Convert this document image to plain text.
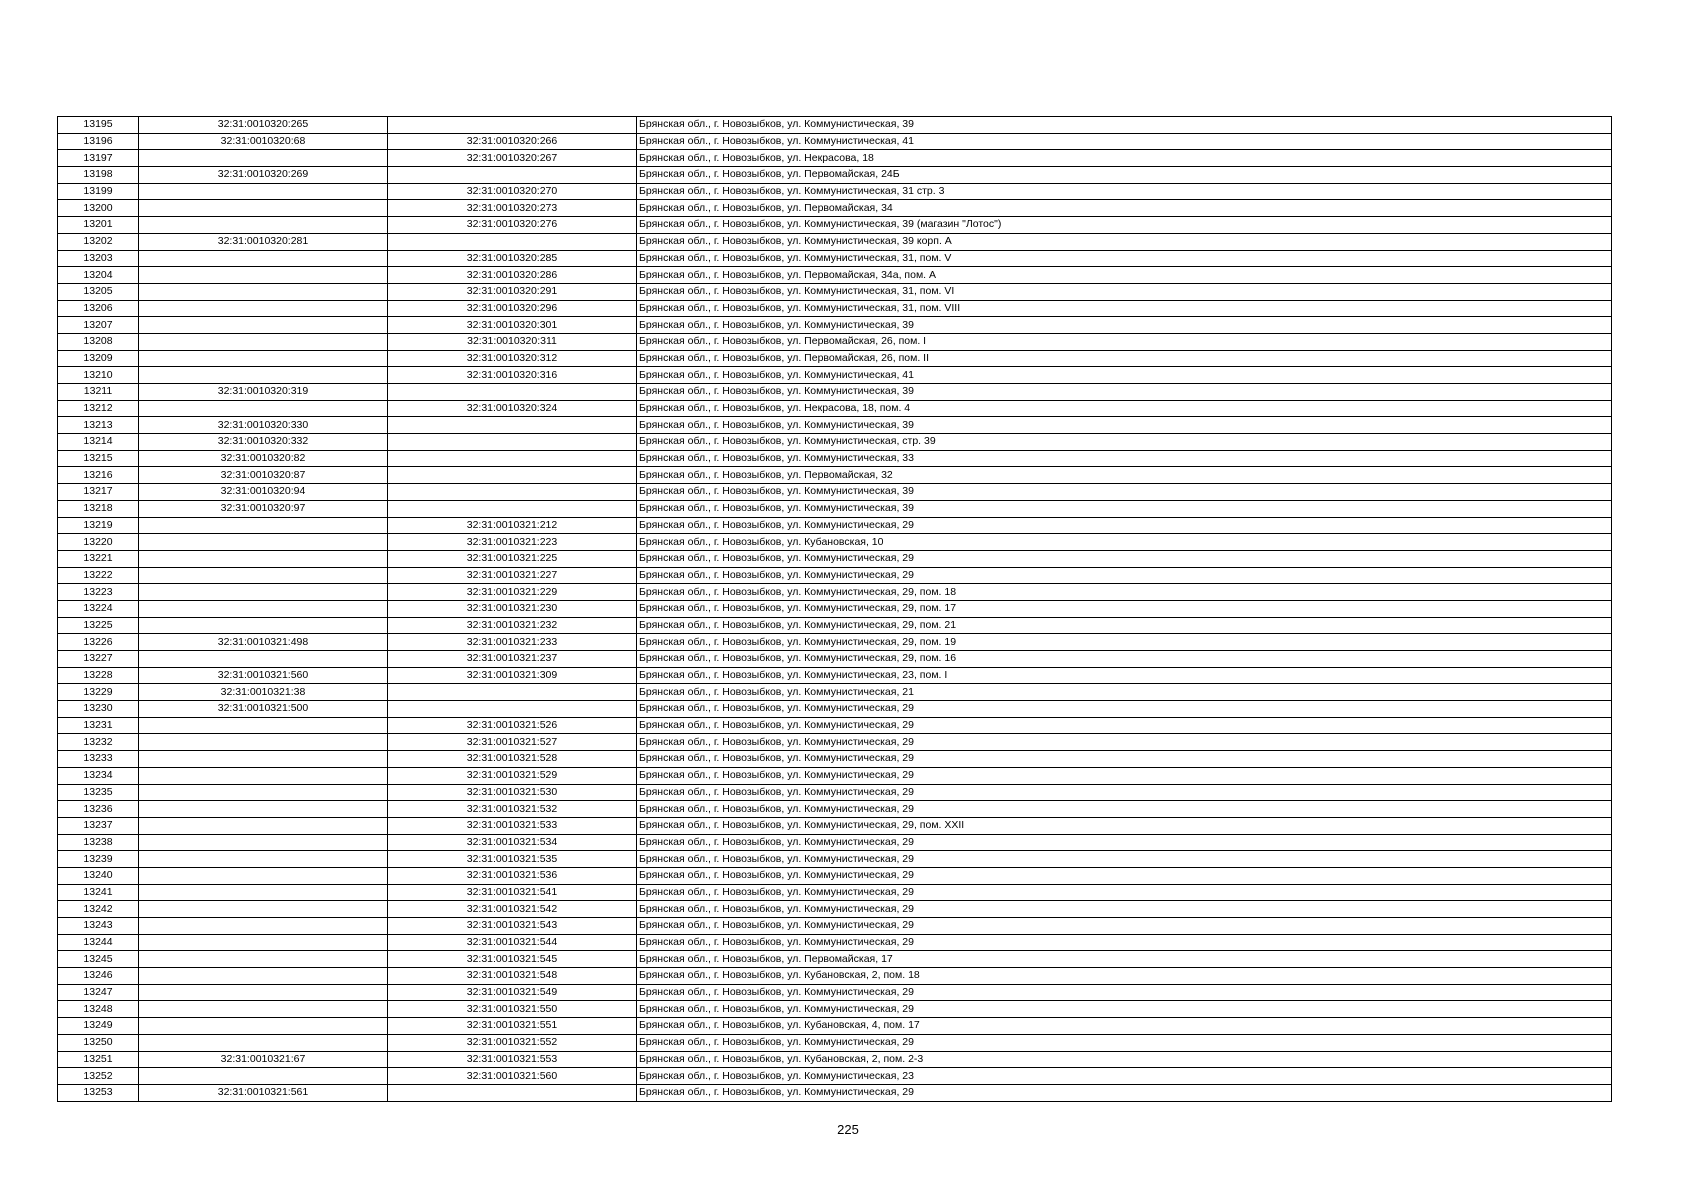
13195	32:31:0010320:265		Брянская обл., г. Новозыбков, ул. Коммунистическая, 39
13196	32:31:0010320:68	32:31:0010320:266	Брянская обл., г. Новозыбков, ул. Коммунистическая, 41
13197		32:31:0010320:267	Брянская обл., г. Новозыбков, ул. Некрасова, 18
13198	32:31:0010320:269		Брянская обл., г. Новозыбков, ул. Первомайская, 24Б
13199		32:31:0010320:270	Брянская обл., г. Новозыбков, ул. Коммунистическая, 31 стр. 3
13200		32:31:0010320:273	Брянская обл., г. Новозыбков, ул. Первомайская, 34
13201		32:31:0010320:276	Брянская обл., г. Новозыбков, ул. Коммунистическая, 39 (магазин "Лотос")
13202	32:31:0010320:281		Брянская обл., г. Новозыбков, ул. Коммунистическая, 39 корп. А
13203		32:31:0010320:285	Брянская обл., г. Новозыбков, ул. Коммунистическая, 31, пом. V
13204		32:31:0010320:286	Брянская обл., г. Новозыбков, ул. Первомайская, 34а, пом. А
13205		32:31:0010320:291	Брянская обл., г. Новозыбков, ул. Коммунистическая, 31, пом. VI
13206		32:31:0010320:296	Брянская обл., г. Новозыбков, ул. Коммунистическая, 31, пом. VIII
13207		32:31:0010320:301	Брянская обл., г. Новозыбков, ул. Коммунистическая, 39
13208		32:31:0010320:311	Брянская обл., г. Новозыбков, ул. Первомайская, 26, пом. I
13209		32:31:0010320:312	Брянская обл., г. Новозыбков, ул. Первомайская, 26, пом. II
13210		32:31:0010320:316	Брянская обл., г. Новозыбков, ул. Коммунистическая, 41
13211	32:31:0010320:319		Брянская обл., г. Новозыбков, ул. Коммунистическая, 39
13212		32:31:0010320:324	Брянская обл., г. Новозыбков, ул. Некрасова, 18, пом. 4
13213	32:31:0010320:330		Брянская обл., г. Новозыбков, ул. Коммунистическая, 39
13214	32:31:0010320:332		Брянская обл., г. Новозыбков, ул. Коммунистическая, стр. 39
13215	32:31:0010320:82		Брянская обл., г. Новозыбков, ул. Коммунистическая, 33
13216	32:31:0010320:87		Брянская обл., г. Новозыбков, ул. Первомайская, 32
13217	32:31:0010320:94		Брянская обл., г. Новозыбков, ул. Коммунистическая, 39
13218	32:31:0010320:97		Брянская обл., г. Новозыбков, ул. Коммунистическая, 39
13219		32:31:0010321:212	Брянская обл., г. Новозыбков, ул. Коммунистическая, 29
13220		32:31:0010321:223	Брянская обл., г. Новозыбков, ул. Кубановская, 10
13221		32:31:0010321:225	Брянская обл., г. Новозыбков, ул. Коммунистическая, 29
13222		32:31:0010321:227	Брянская обл., г. Новозыбков, ул. Коммунистическая, 29
13223		32:31:0010321:229	Брянская обл., г. Новозыбков, ул. Коммунистическая, 29, пом. 18
13224		32:31:0010321:230	Брянская обл., г. Новозыбков, ул. Коммунистическая, 29, пом. 17
13225		32:31:0010321:232	Брянская обл., г. Новозыбков, ул. Коммунистическая, 29, пом. 21
13226	32:31:0010321:498	32:31:0010321:233	Брянская обл., г. Новозыбков, ул. Коммунистическая, 29, пом. 19
13227		32:31:0010321:237	Брянская обл., г. Новозыбков, ул. Коммунистическая, 29, пом. 16
13228	32:31:0010321:560	32:31:0010321:309	Брянская обл., г. Новозыбков, ул. Коммунистическая, 23, пом. I
13229	32:31:0010321:38		Брянская обл., г. Новозыбков, ул. Коммунистическая, 21
13230	32:31:0010321:500		Брянская обл., г. Новозыбков, ул. Коммунистическая, 29
13231		32:31:0010321:526	Брянская обл., г. Новозыбков, ул. Коммунистическая, 29
13232		32:31:0010321:527	Брянская обл., г. Новозыбков, ул. Коммунистическая, 29
13233		32:31:0010321:528	Брянская обл., г. Новозыбков, ул. Коммунистическая, 29
13234		32:31:0010321:529	Брянская обл., г. Новозыбков, ул. Коммунистическая, 29
13235		32:31:0010321:530	Брянская обл., г. Новозыбков, ул. Коммунистическая, 29
13236		32:31:0010321:532	Брянская обл., г. Новозыбков, ул. Коммунистическая, 29
13237		32:31:0010321:533	Брянская обл., г. Новозыбков, ул. Коммунистическая, 29, пом. XXII
13238		32:31:0010321:534	Брянская обл., г. Новозыбков, ул. Коммунистическая, 29
13239		32:31:0010321:535	Брянская обл., г. Новозыбков, ул. Коммунистическая, 29
13240		32:31:0010321:536	Брянская обл., г. Новозыбков, ул. Коммунистическая, 29
13241		32:31:0010321:541	Брянская обл., г. Новозыбков, ул. Коммунистическая, 29
13242		32:31:0010321:542	Брянская обл., г. Новозыбков, ул. Коммунистическая, 29
13243		32:31:0010321:543	Брянская обл., г. Новозыбков, ул. Коммунистическая, 29
13244		32:31:0010321:544	Брянская обл., г. Новозыбков, ул. Коммунистическая, 29
13245		32:31:0010321:545	Брянская обл., г. Новозыбков, ул. Первомайская, 17
13246		32:31:0010321:548	Брянская обл., г. Новозыбков, ул. Кубановская, 2, пом. 18
13247		32:31:0010321:549	Брянская обл., г. Новозыбков, ул. Коммунистическая, 29
13248		32:31:0010321:550	Брянская обл., г. Новозыбков, ул. Коммунистическая, 29
13249		32:31:0010321:551	Брянская обл., г. Новозыбков, ул. Кубановская, 4, пом. 17
13250		32:31:0010321:552	Брянская обл., г. Новозыбков, ул. Коммунистическая, 29
13251	32:31:0010321:67	32:31:0010321:553	Брянская обл., г. Новозыбков, ул. Кубановская, 2, пом. 2-3
13252		32:31:0010321:560	Брянская обл., г. Новозыбков, ул. Коммунистическая, 23
13253	32:31:0010321:561		Брянская обл., г. Новозыбков, ул. Коммунистическая, 29
225
